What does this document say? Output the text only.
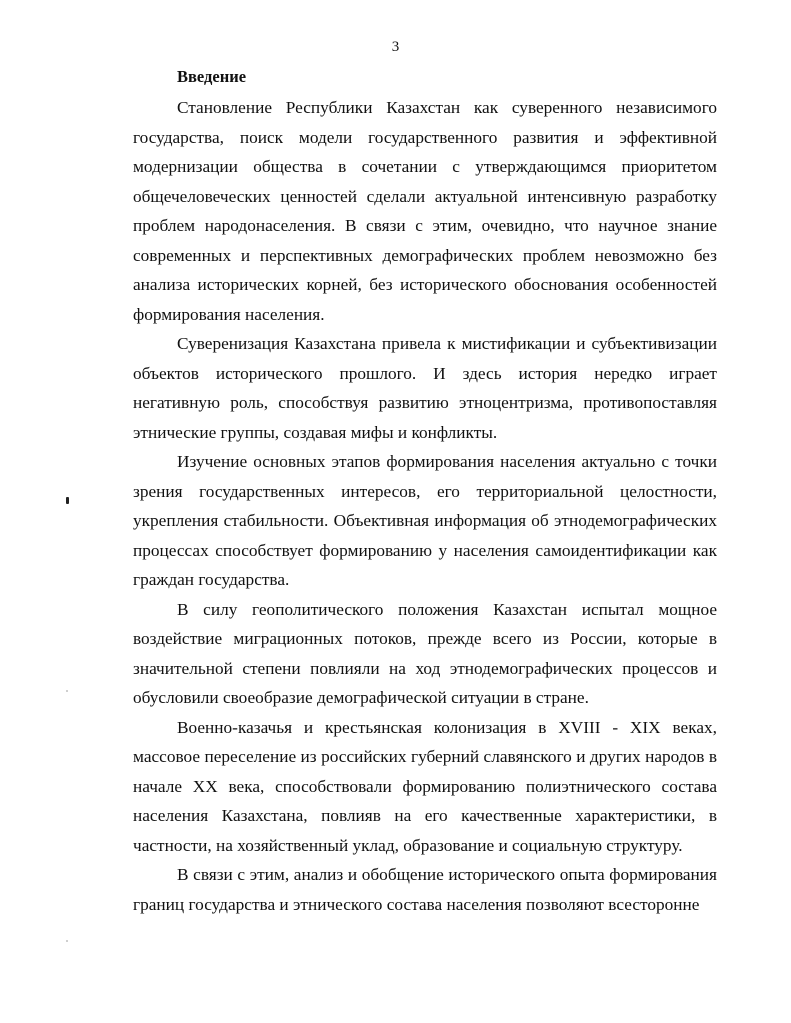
3
Введение

Становление Республики Казахстан как суверенного независимого государства, поиск модели государственного развития и эффективной модернизации общества в сочетании с утверждающимся приоритетом общечеловеческих ценностей сделали актуальной интенсивную разработку проблем народонаселения. В связи с этим, очевидно, что научное знание современных и перспективных демографических проблем невозможно без анализа исторических корней, без исторического обоснования особенностей формирования населения.

Суверенизация Казахстана привела к мистификации и субъективизации объектов исторического прошлого. И здесь история нередко играет негативную роль, способствуя развитию этноцентризма, противопоставляя этнические группы, создавая мифы и конфликты.

Изучение основных этапов формирования населения актуально с точки зрения государственных интересов, его территориальной целостности, укрепления стабильности. Объективная информация об этнодемографических процессах способствует формированию у населения самоидентификации как граждан государства.

В силу геополитического положения Казахстан испытал мощное воздействие миграционных потоков, прежде всего из России, которые в значительной степени повлияли на ход этнодемографических процессов и обусловили своеобразие демографической ситуации в стране.

Военно-казачья и крестьянская колонизация в XVIII - XIX веках, массовое переселение из российских губерний славянского и других народов в начале XX века, способствовали формированию полиэтнического состава населения Казахстана, повлияв на его качественные характеристики, в частности, на хозяйственный уклад, образование и социальную структуру.

В связи с этим, анализ и обобщение исторического опыта формирования границ государства и этнического состава населения позволяют всесторонне
